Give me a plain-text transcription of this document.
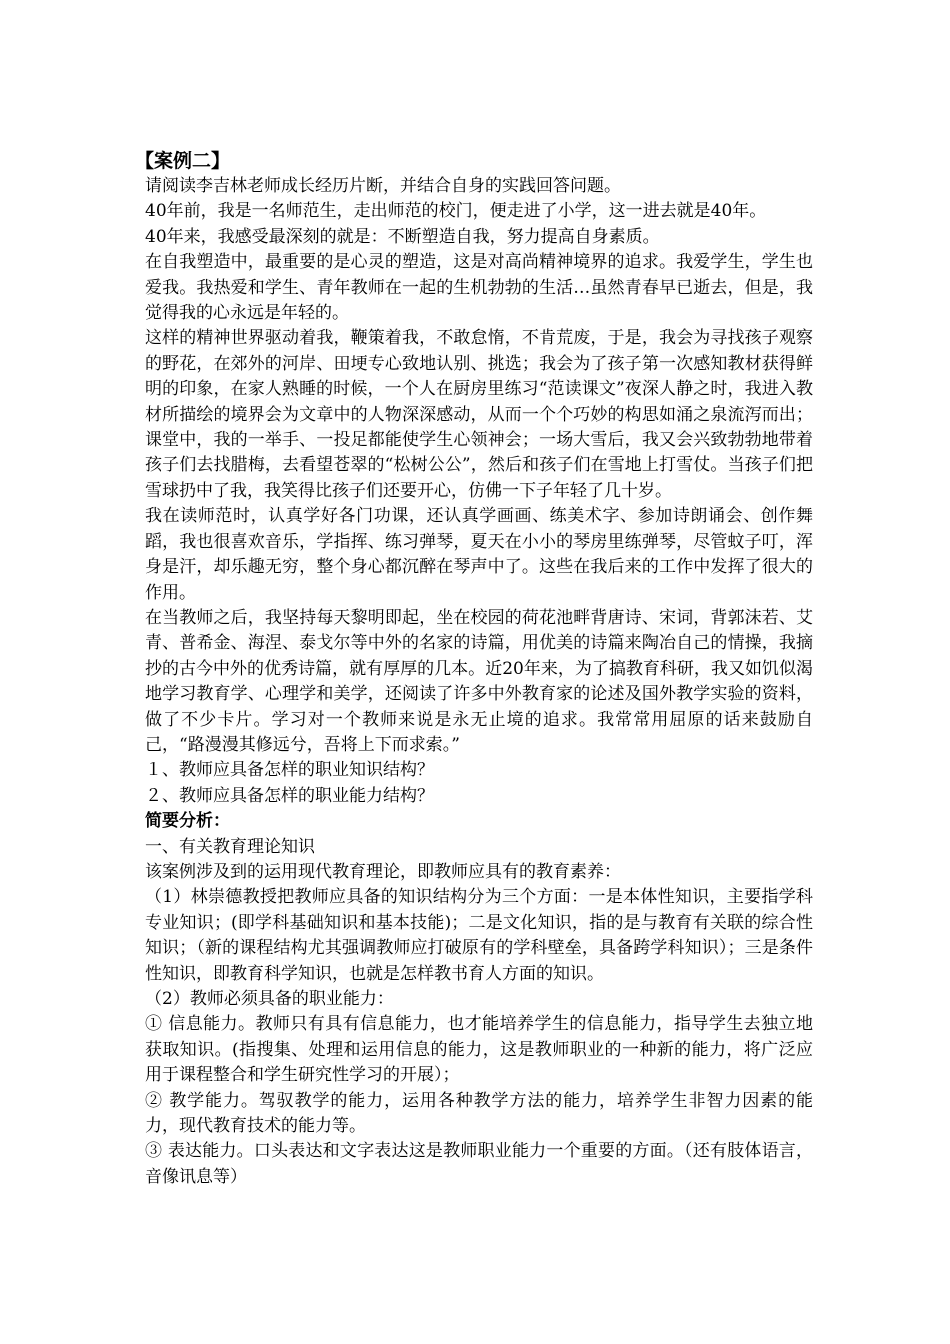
【案例二】

请阅读李吉林老师成长经历片断，并结合自身的实践回答问题。

40年前，我是一名师范生，走出师范的校门，便走进了小学，这一进去就是40年。

40年来，我感受最深刻的就是：不断塑造自我，努力提高自身素质。

在自我塑造中，最重要的是心灵的塑造，这是对高尚精神境界的追求。我爱学生，学生也爱我。我热爱和学生、青年教师在一起的生机勃勃的生活…虽然青春早已逝去，但是，我觉得我的心永远是年轻的。

这样的精神世界驱动着我，鞭策着我，不敢怠惰，不肯荒废，于是，我会为寻找孩子观察的野花，在郊外的河岸、田埂专心致地认别、挑选；我会为了孩子第一次感知教材获得鲜明的印象，在家人熟睡的时候，一个人在厨房里练习“范读课文”夜深人静之时，我进入教材所描绘的境界会为文章中的人物深深感动，从而一个个巧妙的构思如涌之泉流泻而出；课堂中，我的一举手、一投足都能使学生心领神会；一场大雪后，我又会兴致勃勃地带着孩子们去找腊梅，去看望苍翠的“松树公公”，然后和孩子们在雪地上打雪仗。当孩子们把雪球扔中了我，我笑得比孩子们还要开心，仿佛一下子年轻了几十岁。

我在读师范时，认真学好各门功课，还认真学画画、练美术字、参加诗朗诵会、创作舞蹈，我也很喜欢音乐，学指挥、练习弹琴，夏天在小小的琴房里练弹琴，尽管蚊子叮，浑身是汗，却乐趣无穷，整个身心都沉醉在琴声中了。这些在我后来的工作中发挥了很大的作用。

在当教师之后，我坚持每天黎明即起，坐在校园的荷花池畔背唐诗、宋词，背郭沫若、艾青、普希金、海涅、泰戈尔等中外的名家的诗篇，用优美的诗篇来陶冶自己的情操，我摘抄的古今中外的优秀诗篇，就有厚厚的几本。近20年来，为了搞教育科研，我又如饥似渴地学习教育学、心理学和美学，还阅读了许多中外教育家的论述及国外教学实验的资料，做了不少卡片。学习对一个教师来说是永无止境的追求。我常常用屈原的话来鼓励自己，“路漫漫其修远兮，吾将上下而求索。”

１、教师应具备怎样的职业知识结构？

２、教师应具备怎样的职业能力结构？

简要分析：

一、有关教育理论知识

该案例涉及到的运用现代教育理论，即教师应具有的教育素养：

（1）林崇德教授把教师应具备的知识结构分为三个方面：一是本体性知识，主要指学科专业知识；(即学科基础知识和基本技能)；二是文化知识，指的是与教育有关联的综合性知识；（新的课程结构尤其强调教师应打破原有的学科壁垒，具备跨学科知识）；三是条件性知识，即教育科学知识，也就是怎样教书育人方面的知识。

（2）教师必须具备的职业能力：

① 信息能力。教师只有具有信息能力，也才能培养学生的信息能力，指导学生去独立地获取知识。(指搜集、处理和运用信息的能力，这是教师职业的一种新的能力，将广泛应用于课程整合和学生研究性学习的开展）；

② 教学能力。驾驭教学的能力，运用各种教学方法的能力，培养学生非智力因素的能力，现代教育技术的能力等。

③ 表达能力。口头表达和文字表达这是教师职业能力一个重要的方面。（还有肢体语言，音像讯息等）
